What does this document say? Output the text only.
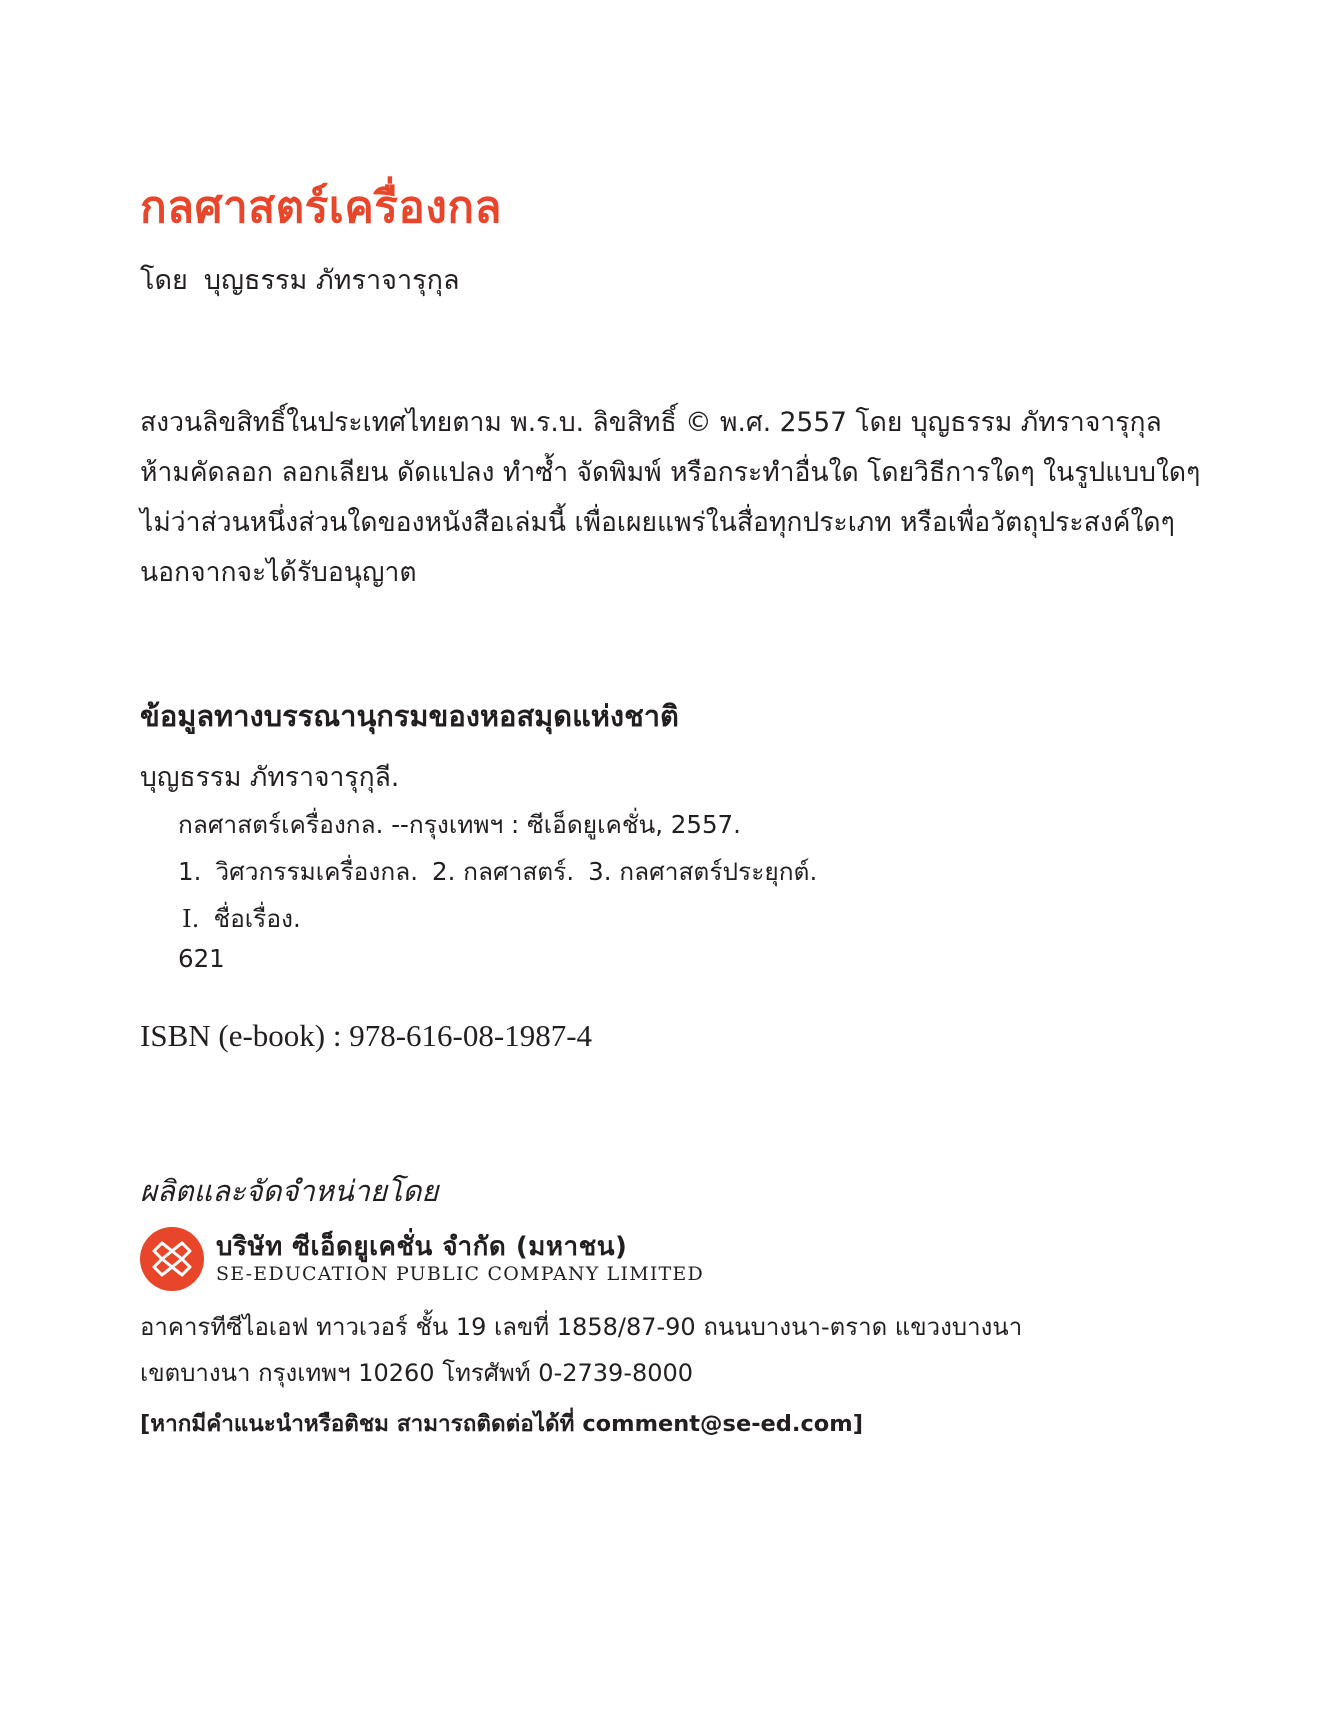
กลศาสตร์เครื่องกล
โดย บุญธรรม ภัทราจารุกุล
สงวนลิขสิทธิ์ในประเทศไทยตาม พ.ร.บ. ลิขสิทธิ์ © พ.ศ. 2557 โดย บุญธรรม ภัทราจารุกุล
ห้ามคัดลอก ลอกเลียน ดัดแปลง ทำซ้ำ จัดพิมพ์ หรือกระทำอื่นใด โดยวิธีการใดๆ ในรูปแบบใดๆ
ไม่ว่าส่วนหนึ่งส่วนใดของหนังสือเล่มนี้ เพื่อเผยแพร่ในสื่อทุกประเภท หรือเพื่อวัตถุประสงค์ใดๆ
นอกจากจะได้รับอนุญาต
ข้อมูลทางบรรณานุกรมของหอสมุดแห่งชาติ
บุญธรรม ภัทราจารุกุลี.
กลศาสตร์เครื่องกล. --กรุงเทพฯ : ซีเอ็ดยูเคชั่น, 2557.
1. วิศวกรรมเครื่องกล. 2. กลศาสตร์. 3. กลศาสตร์ประยุกต์.
I. ชื่อเรื่อง.
621
ISBN (e-book) : 978-616-08-1987-4
ผลิตและจัดจำหน่ายโดย
บริษัท ซีเอ็ดยูเคชั่น จำกัด (มหาชน)
SE-EDUCATION PUBLIC COMPANY LIMITED
อาคารทีซีไอเอฟ ทาวเวอร์ ชั้น 19 เลขที่ 1858/87-90 ถนนบางนา-ตราด แขวงบางนา
เขตบางนา กรุงเทพฯ 10260 โทรศัพท์ 0-2739-8000
[หากมีคำแนะนำหรือติชม สามารถติดต่อได้ที่ comment@se-ed.com]
